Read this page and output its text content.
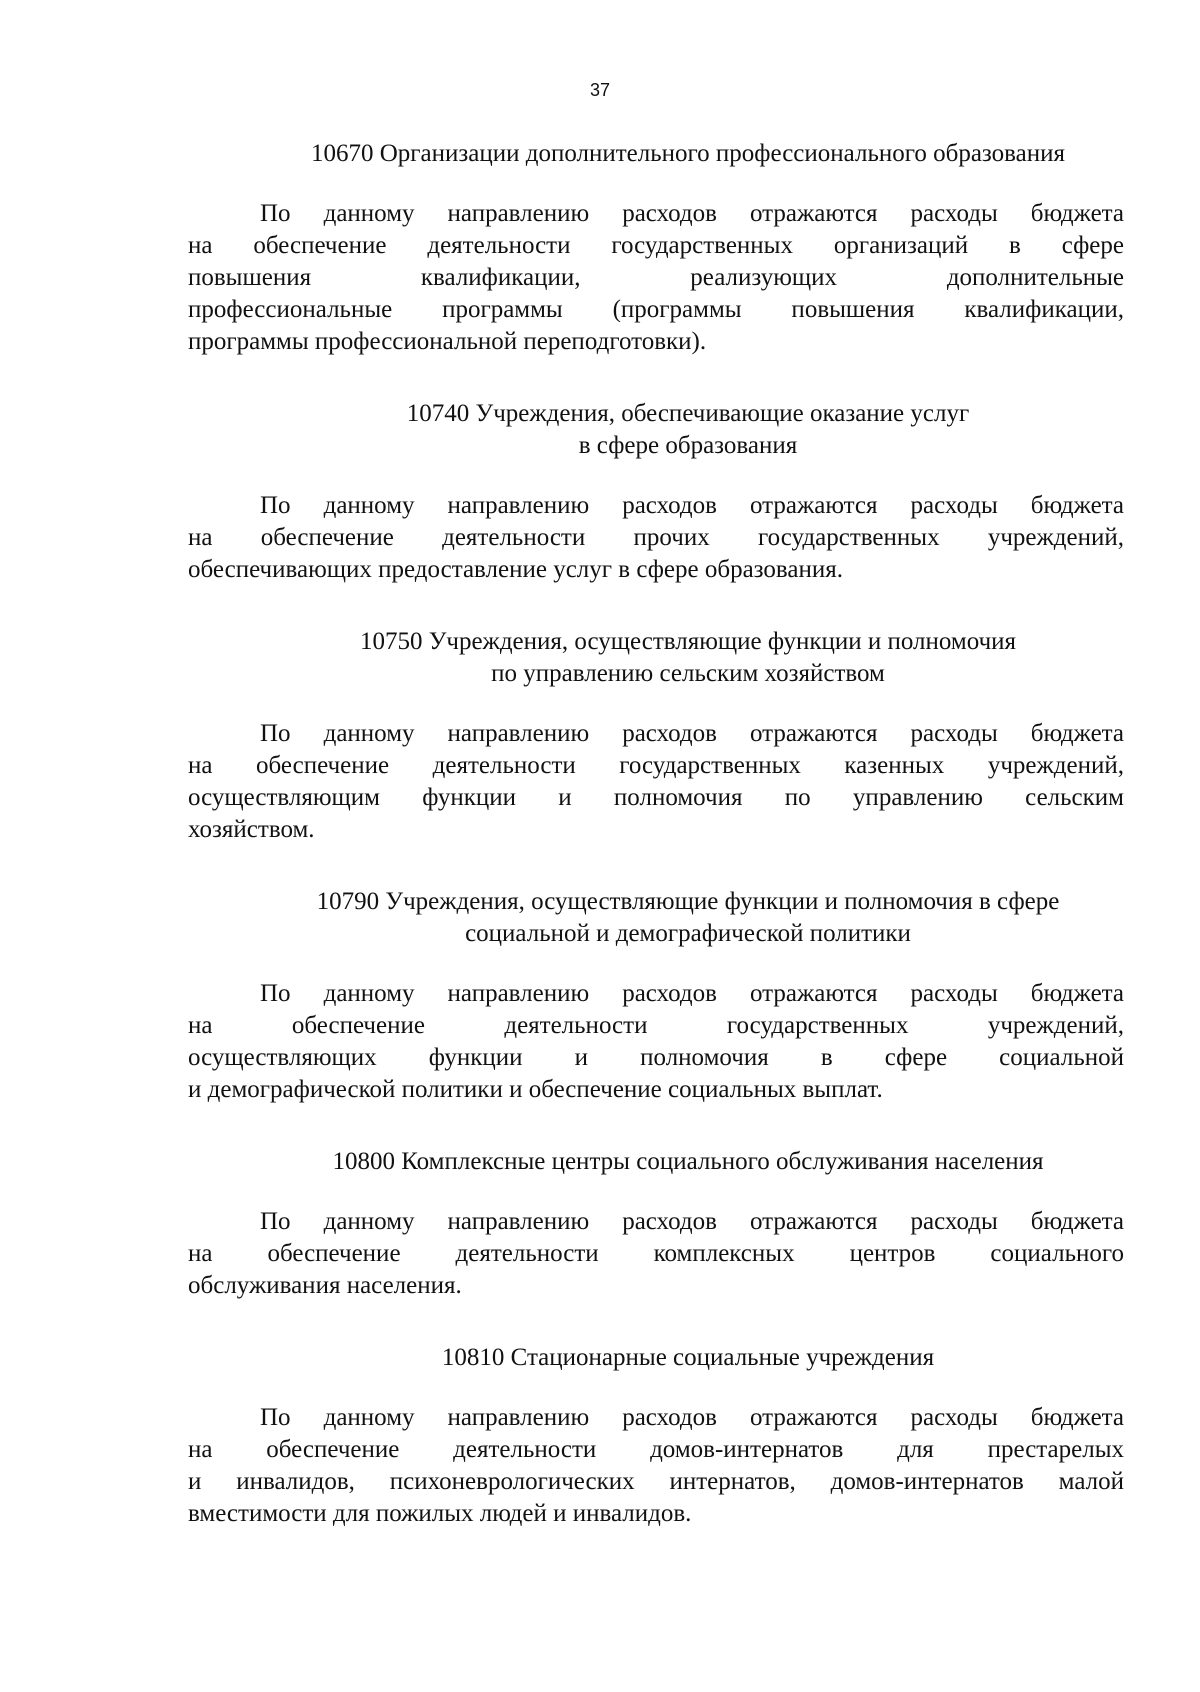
37
10670 Организации дополнительного профессионального образования
По данному направлению расходов отражаются расходы бюджета
на обеспечение деятельности государственных организаций в сфере
повышения квалификации, реализующих дополнительные
профессиональные программы (программы повышения квалификации,
программы профессиональной переподготовки).
10740 Учреждения, обеспечивающие оказание услуг
в сфере образования
По данному направлению расходов отражаются расходы бюджета
на обеспечение деятельности прочих государственных учреждений,
обеспечивающих предоставление услуг в сфере образования.
10750 Учреждения, осуществляющие функции и полномочия
по управлению сельским хозяйством
По данному направлению расходов отражаются расходы бюджета
на обеспечение деятельности государственных казенных учреждений,
осуществляющим функции и полномочия по управлению сельским
хозяйством.
10790 Учреждения, осуществляющие функции и полномочия в сфере
социальной и демографической политики
По данному направлению расходов отражаются расходы бюджета
на обеспечение деятельности государственных учреждений,
осуществляющих функции и полномочия в сфере социальной
и демографической политики и обеспечение социальных выплат.
10800 Комплексные центры социального обслуживания населения
По данному направлению расходов отражаются расходы бюджета
на обеспечение деятельности комплексных центров социального
обслуживания населения.
10810 Стационарные социальные учреждения
По данному направлению расходов отражаются расходы бюджета
на обеспечение деятельности домов-интернатов для престарелых
и инвалидов, психоневрологических интернатов, домов-интернатов малой
вместимости для пожилых людей и инвалидов.
